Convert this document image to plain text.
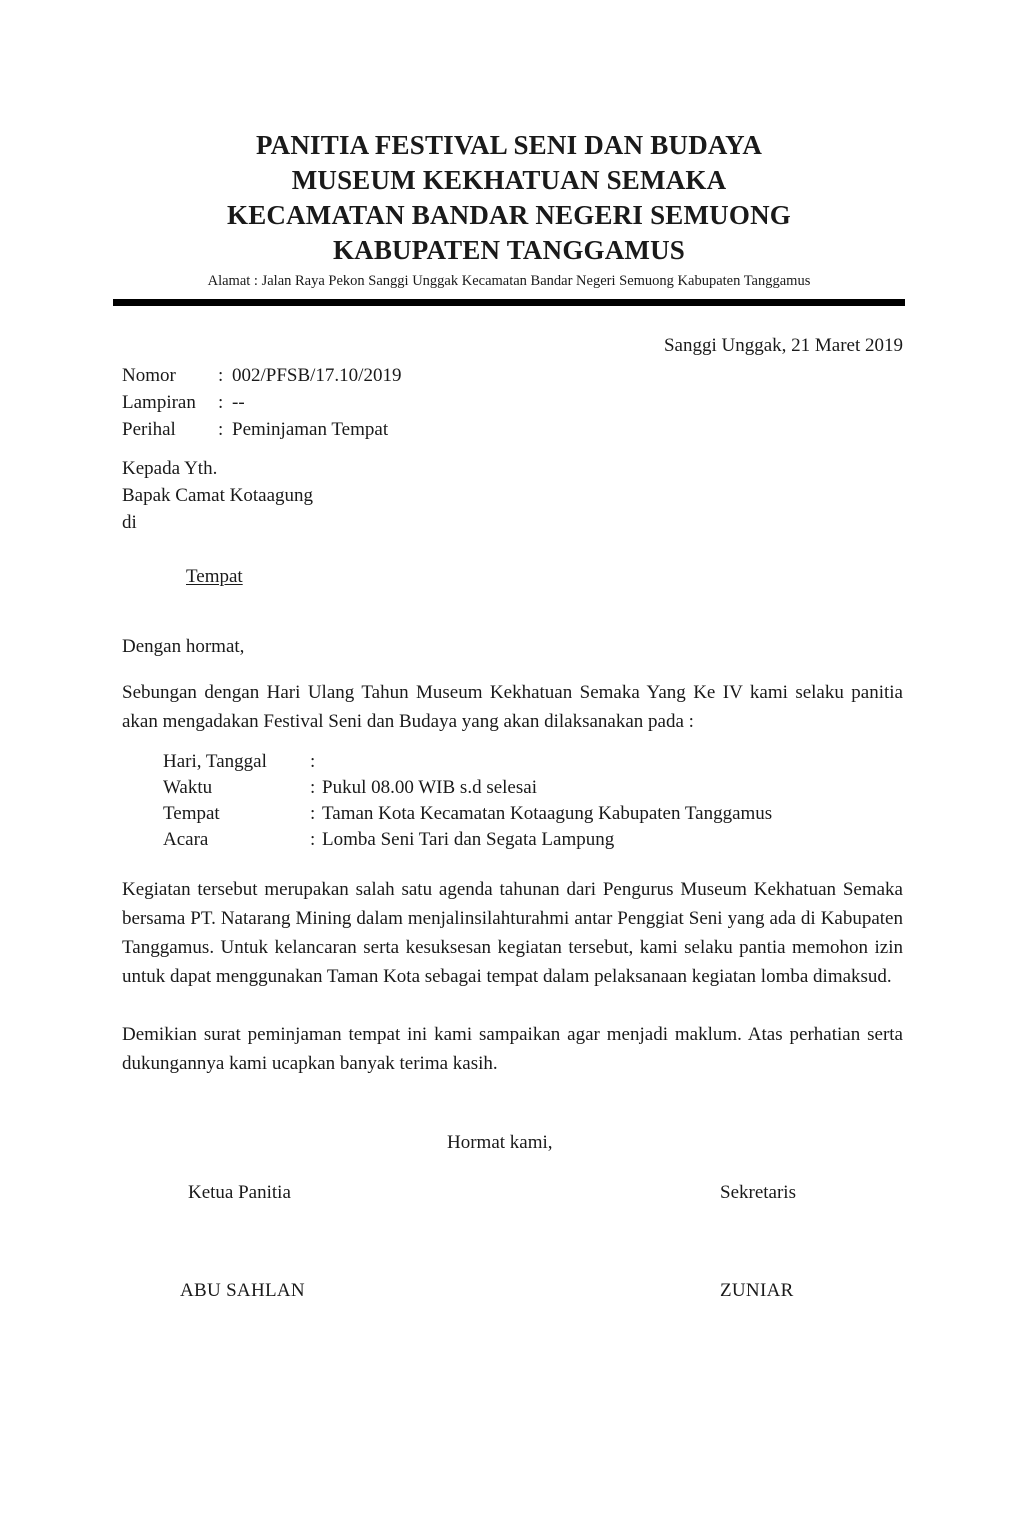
PANITIA FESTIVAL SENI DAN BUDAYA
MUSEUM KEKHATUAN SEMAKA
KECAMATAN BANDAR NEGERI SEMUONG
KABUPATEN TANGGAMUS
Alamat : Jalan Raya Pekon Sanggi Unggak Kecamatan Bandar Negeri Semuong Kabupaten Tanggamus
Sanggi Unggak, 21 Maret 2019
Nomor	: 002/PFSB/17.10/2019
Lampiran	: --
Perihal	: Peminjaman Tempat
Kepada Yth.
Bapak Camat Kotaagung
di
Tempat
Dengan hormat,
Sebungan dengan Hari Ulang Tahun Museum Kekhatuan Semaka Yang Ke IV kami selaku panitia akan mengadakan Festival Seni dan Budaya yang akan dilaksanakan pada :
Hari, Tanggal	:
Waktu	: Pukul 08.00 WIB s.d selesai
Tempat	: Taman Kota Kecamatan Kotaagung Kabupaten Tanggamus
Acara	: Lomba Seni Tari dan Segata Lampung
Kegiatan tersebut merupakan salah satu agenda tahunan dari Pengurus Museum Kekhatuan Semaka bersama PT. Natarang Mining dalam menjalinsilahturahmi antar Penggiat Seni yang ada di Kabupaten Tanggamus. Untuk kelancaran serta kesuksesan kegiatan tersebut, kami selaku pantia memohon izin untuk dapat menggunakan Taman Kota sebagai tempat dalam pelaksanaan kegiatan lomba dimaksud.
Demikian surat peminjaman tempat ini kami sampaikan agar menjadi maklum. Atas perhatian serta dukungannya kami ucapkan banyak terima kasih.
Hormat kami,
Ketua Panitia	Sekretaris
ABU SAHLAN	ZUNIAR
